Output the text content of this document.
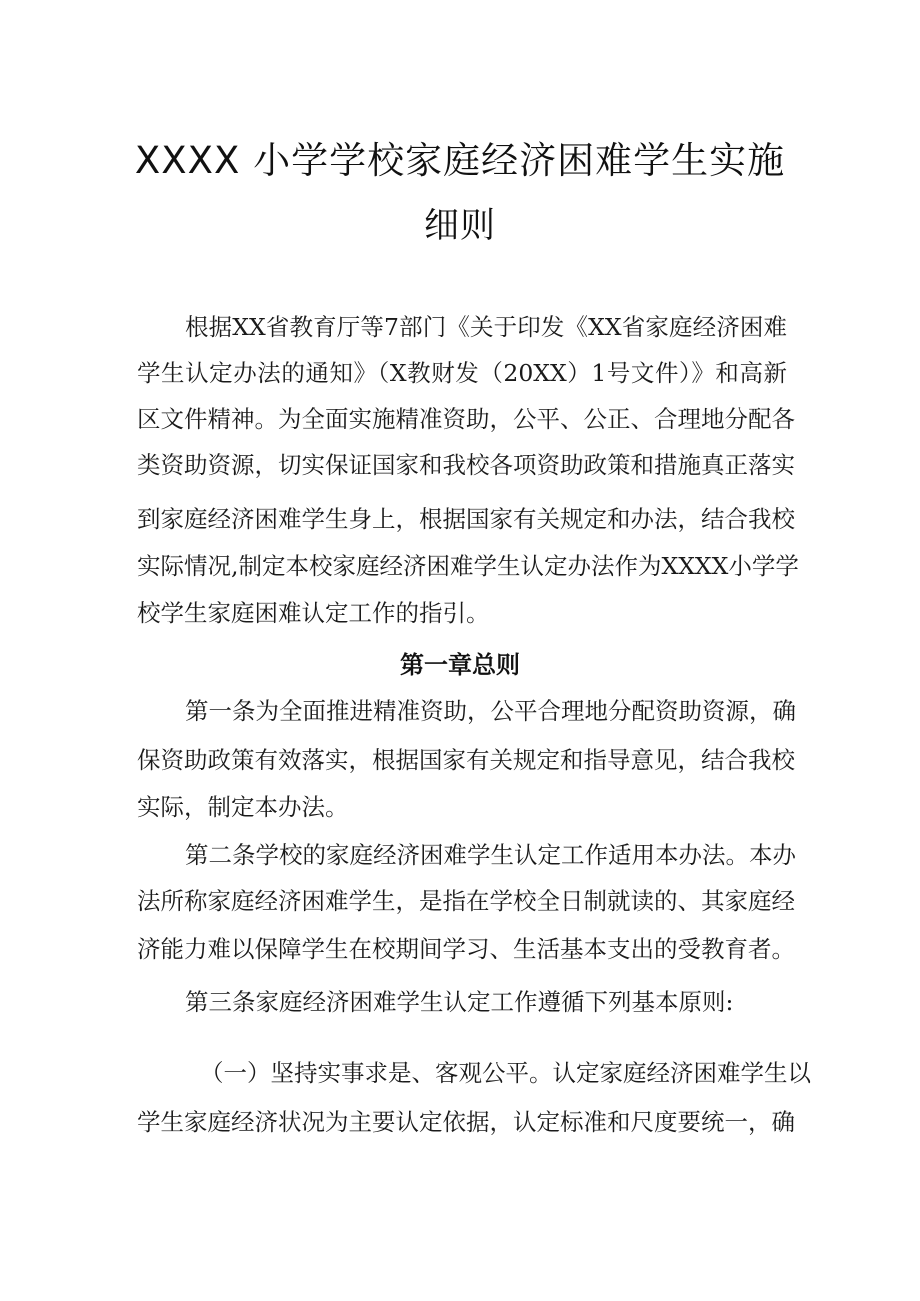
XXXX 小学学校家庭经济困难学生实施
细则
根据XX省教育厅等7部门《关于印发《XX省家庭经济困难
学生认定办法的通知》（X教财发（20XX）1号文件）》和高新
区文件精神。为全面实施精准资助，公平、公正、合理地分配各
类资助资源，切实保证国家和我校各项资助政策和措施真正落实
到家庭经济困难学生身上，根据国家有关规定和办法，结合我校
实际情况,制定本校家庭经济困难学生认定办法作为XXXX小学学
校学生家庭困难认定工作的指引。
第一章总则
第一条为全面推进精准资助，公平合理地分配资助资源，确
保资助政策有效落实，根据国家有关规定和指导意见，结合我校
实际，制定本办法。
第二条学校的家庭经济困难学生认定工作适用本办法。本办
法所称家庭经济困难学生，是指在学校全日制就读的、其家庭经
济能力难以保障学生在校期间学习、生活基本支出的受教育者。
第三条家庭经济困难学生认定工作遵循下列基本原则:
（一）坚持实事求是、客观公平。认定家庭经济困难学生以
学生家庭经济状况为主要认定依据，认定标准和尺度要统一，确
